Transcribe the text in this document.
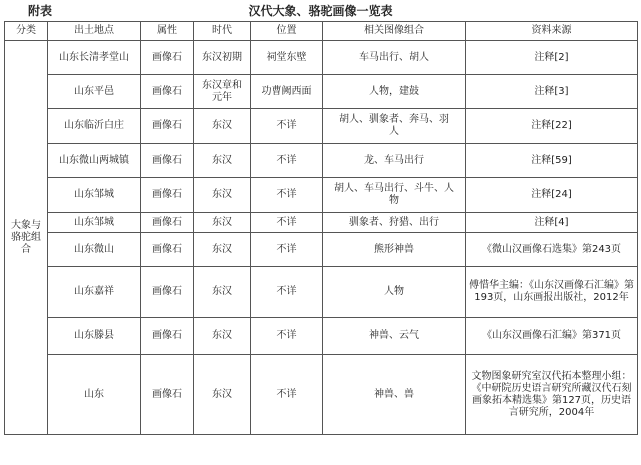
附表	汉代大象、骆驼画像一览表
分类	出土地点	属性	时代	位置	相关图像组合	资料来源

大象与骆驼组合	山东长清孝堂山	画像石	东汉初期	祠堂东壁	车马出行、胡人	注释[2]
	山东平邑	画像石	东汉章和元年	功曹阙西面	人物，建鼓	注释[3]
	山东临沂白庄	画像石	东汉	不详	胡人、驯象者、奔马、羽人	注释[22]

	山东微山两城镇	画像石	东汉	不详	龙、车马出行	注释[59]
	山东邹城	画像石	东汉	不详	胡人、车马出行、斗牛、人物	注释[24]
	山东邹城	画像石	东汉	不详	驯象者、狩猎、出行	注释[4]
	山东微山	画像石	东汉	不详	熊形神兽	《微山汉画像石选集》第243页
	山东嘉祥	画像石	东汉	不详	人物	傅惜华主编：《山东汉画像石汇编》第193页，山东画报出版社，2012年
	山东滕县	画像石	东汉	不详	神兽、云气	《山东汉画像石汇编》第371页
	山东	画像石	东汉	不详	神兽、兽	文物图象研究室汉代拓本整理小组：《中研院历史语言研究所藏汉代石刻画象拓本精选集》第127页，历史语言研究所，2004年
